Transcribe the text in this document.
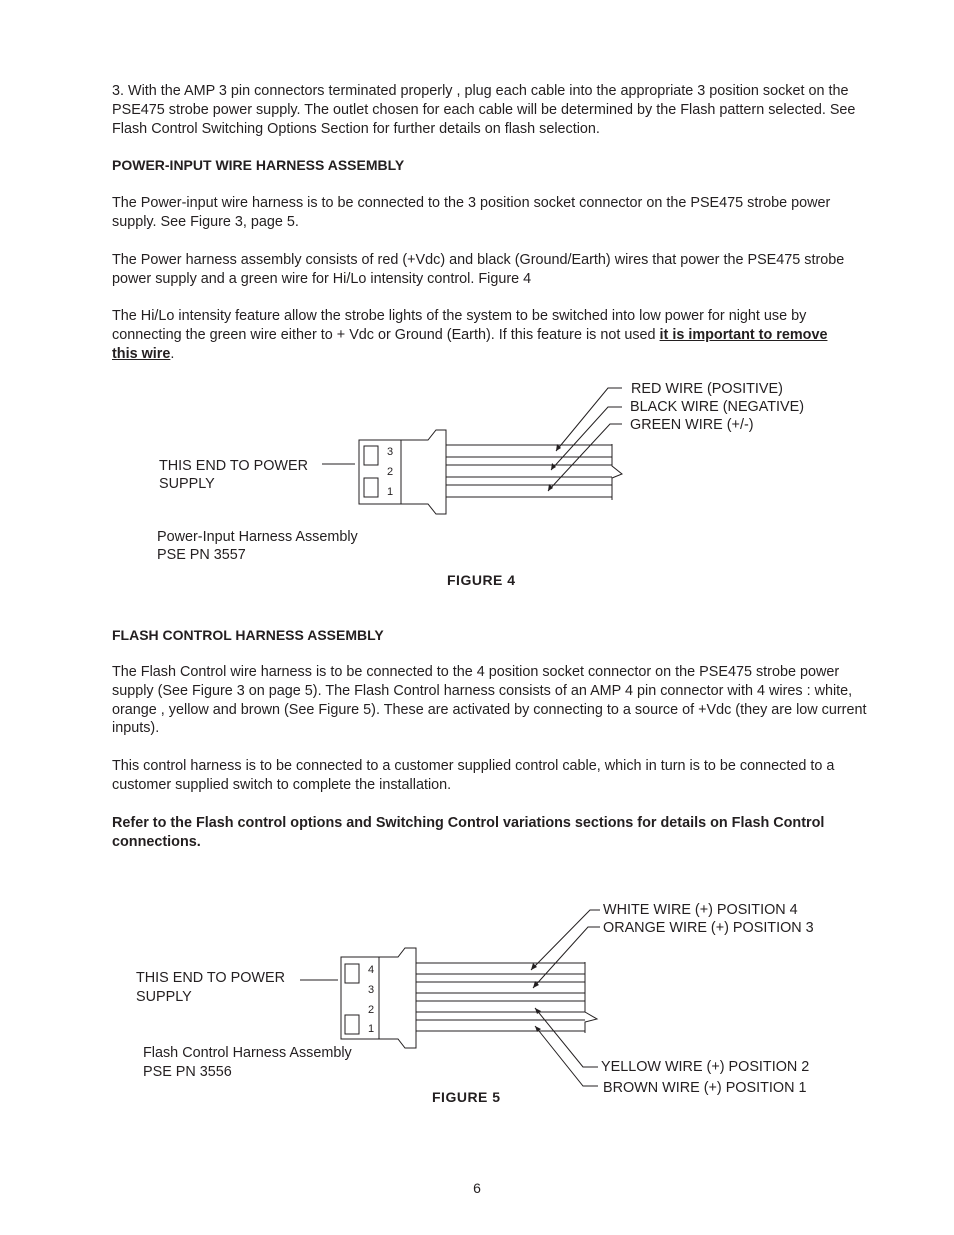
3. With the AMP 3 pin connectors terminated properly , plug each cable into the appropriate 3 position socket on the PSE475 strobe power supply. The outlet chosen for each cable will be determined by the Flash pattern selected. See Flash Control Switching Options Section for further details on flash selection.

POWER-INPUT WIRE HARNESS ASSEMBLY

The Power-input wire harness is to be connected to the 3 position socket connector on the PSE475 strobe power supply. See Figure 3, page 5.

The Power harness assembly consists of red (+Vdc) and black (Ground/Earth) wires that power the PSE475 strobe power supply and a green wire for Hi/Lo intensity control. Figure 4

The Hi/Lo intensity feature allow the strobe lights of the system to be switched into low power for night use by connecting the green wire either to + Vdc or Ground (Earth). If this feature is not used it is important to remove this wire.

3
2
1
RED WIRE (POSITIVE)
BLACK WIRE (NEGATIVE)
GREEN WIRE (+/-)
THIS END TO POWER
SUPPLY
Power-Input Harness Assembly
PSE PN 3557
FIGURE 4

FLASH CONTROL HARNESS ASSEMBLY

The Flash Control wire harness is to be connected to the 4 position socket connector on the PSE475 strobe power supply (See Figure 3 on page 5). The Flash Control harness consists of an AMP 4 pin connector with 4 wires : white, orange , yellow and brown (See Figure 5). These are activated by connecting to a source of +Vdc (they are low current inputs).

This control harness is to be connected to a customer supplied control cable, which in turn is to be connected to a customer supplied switch to complete the installation.

Refer to the Flash control options and Switching Control variations sections for details on Flash Control connections.

4
3
2
1
WHITE WIRE (+) POSITION 4
ORANGE WIRE (+) POSITION 3
THIS END TO POWER
SUPPLY
Flash Control Harness Assembly
PSE PN 3556	YELLOW WIRE (+) POSITION 2
BROWN WIRE (+) POSITION 1
FIGURE 5
6
